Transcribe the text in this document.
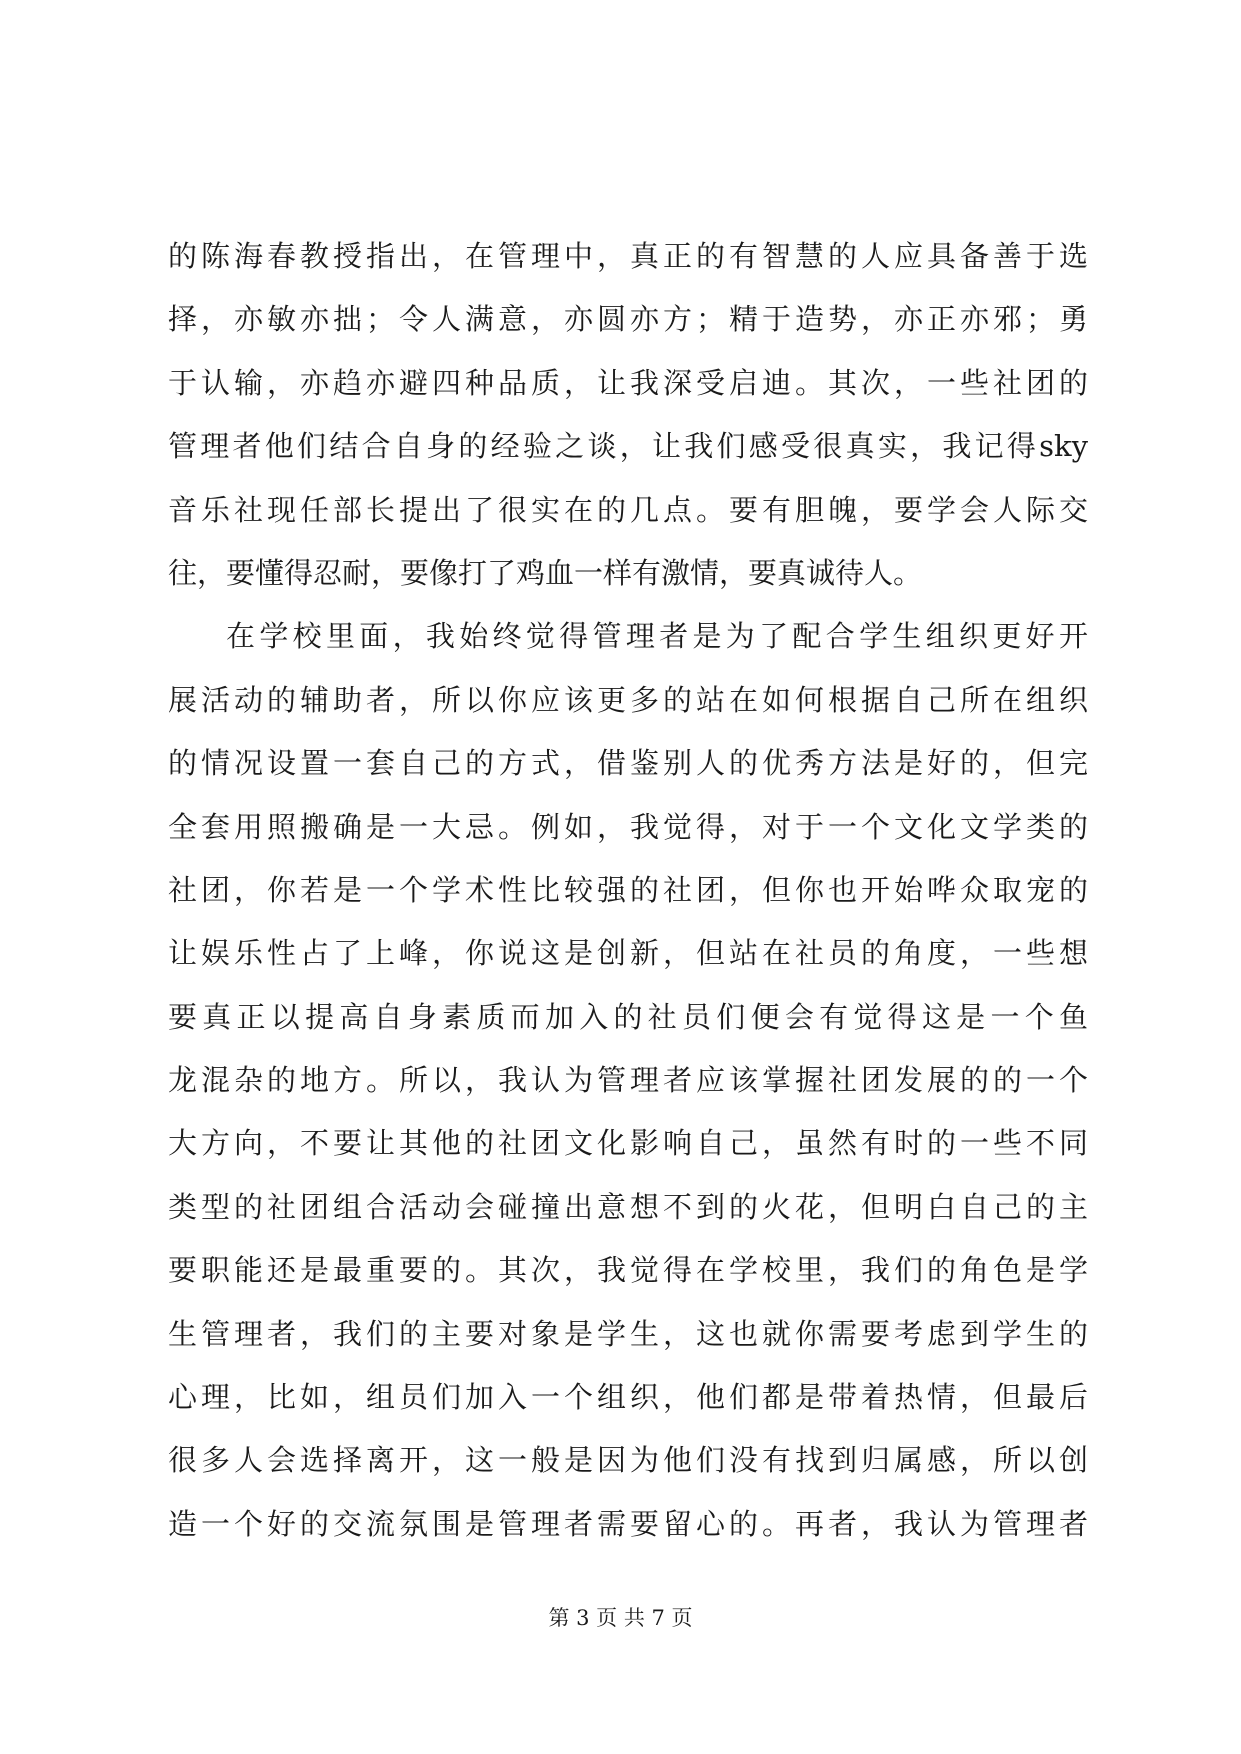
的陈海春教授指出，在管理中，真正的有智慧的人应具备善于选
择，亦敏亦拙；令人满意，亦圆亦方；精于造势，亦正亦邪；勇
于认输，亦趋亦避四种品质，让我深受启迪。其次，一些社团的
管理者他们结合自身的经验之谈，让我们感受很真实，我记得sky
音乐社现任部长提出了很实在的几点。要有胆魄，要学会人际交
往，要懂得忍耐，要像打了鸡血一样有激情，要真诚待人。
在学校里面，我始终觉得管理者是为了配合学生组织更好开
展活动的辅助者，所以你应该更多的站在如何根据自己所在组织
的情况设置一套自己的方式，借鉴别人的优秀方法是好的，但完
全套用照搬确是一大忌。例如，我觉得，对于一个文化文学类的
社团，你若是一个学术性比较强的社团，但你也开始哗众取宠的
让娱乐性占了上峰，你说这是创新，但站在社员的角度，一些想
要真正以提高自身素质而加入的社员们便会有觉得这是一个鱼
龙混杂的地方。所以，我认为管理者应该掌握社团发展的的一个
大方向，不要让其他的社团文化影响自己，虽然有时的一些不同
类型的社团组合活动会碰撞出意想不到的火花，但明白自己的主
要职能还是最重要的。其次，我觉得在学校里，我们的角色是学
生管理者，我们的主要对象是学生，这也就你需要考虑到学生的
心理，比如，组员们加入一个组织，他们都是带着热情，但最后
很多人会选择离开，这一般是因为他们没有找到归属感，所以创
造一个好的交流氛围是管理者需要留心的。再者，我认为管理者
第 3 页 共 7 页
